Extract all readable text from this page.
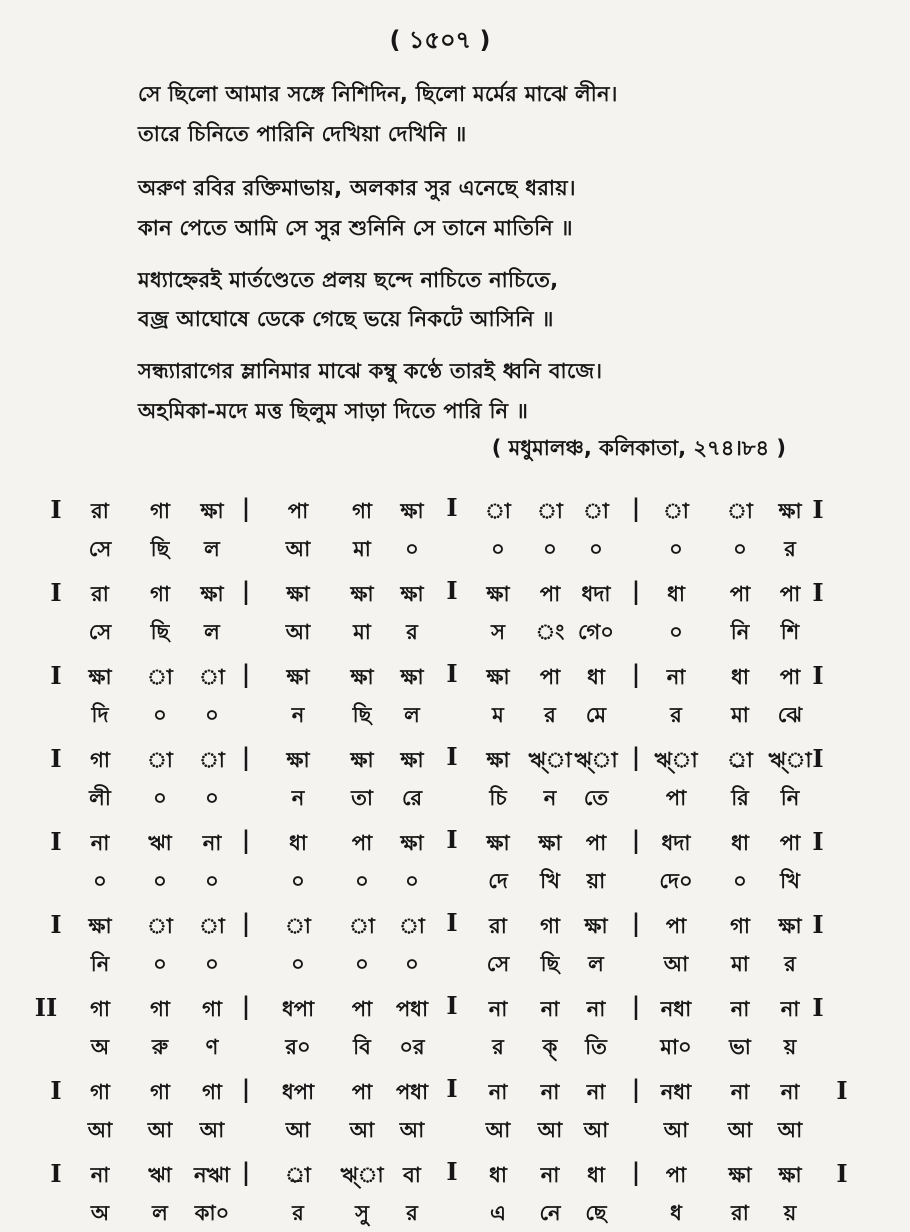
( ১৫০৭ )
সে ছিলো আমার সঙ্গে নিশিদিন, ছিলো মর্মের মাঝে লীন।
তারে চিনিতে পারিনি দেখিয়া দেখিনি ॥
অরুণ রবির রক্তিমাভায়, অলকার সুর এনেছে ধরায়।
কান পেতে আমি সে সুর শুনিনি সে তানে মাতিনি ॥
মধ্যাহ্নেরই মার্তণ্ডেতে প্রলয় ছন্দে নাচিতে নাচিতে,
বজ্র আঘোষে ডেকে গেছে ভয়ে নিকটে আসিনি ॥
সন্ধ্যারাগের ম্লানিমার মাঝে কম্বু কণ্ঠে তারই ধ্বনি বাজে।
অহমিকা-মদে মত্ত ছিলুম সাড়া দিতে পারি নি ॥
( মধুমালঞ্চ, কলিকাতা, ২৭৪।৮৪ )
I রা গা ক্ষা | পা গা ক্ষা I া া া | া া ক্ষা I
সে ছি ল	আ মা ০	০ ০ ০	০ ০ র
I রা গা ক্ষা | ক্ষা ক্ষা ক্ষা I ক্ষা পা ধদা | ধা পা পা I
সে ছি ল	আ মা র	স ং গে০	০ নি শি
I ক্ষা া া | ক্ষা ক্ষা ক্ষা I ক্ষা পা ধা | না ধা পা I
দি ০ ০	ন ছি ল	ম র মে	র মা ঝে
I গা া া | ক্ষা ক্ষা ক্ষা I ক্ষা ঋ্া ঋ্া | ঋ্া র্া ঋ্া I
লী ০ ০	ন তা রে	চি ন তে	পা রি নি
I না ঋা না | ধা পা ক্ষা I ক্ষা ক্ষা পা | ধদা ধা পা I
০ ০ ০	০ ০ ০	দে খি য়া	দে০ ০ খি
I ক্ষা া া | া া া I রা গা ক্ষা | পা গা ক্ষা I
নি ০ ০	০ ০ ০	সে ছি ল	আ মা র
II গা গা গা | ধপা পা পধা I না না না | নধা না না I
অ রু ণ	র০ বি ০র	র ক্ তি	মা০ ভা য়
I গা গা গা | ধপা পা পধা I না না না | নধা না না I
আ আ আ	আ আ আ	আ আ আ	আ আ আ
I না ঋা নঋা | র্া ঋ্া বা I ধা না ধা | পা ক্ষা ক্ষা I
অ ল কা০	র সু র	এ নে ছে	ধ রা য়
